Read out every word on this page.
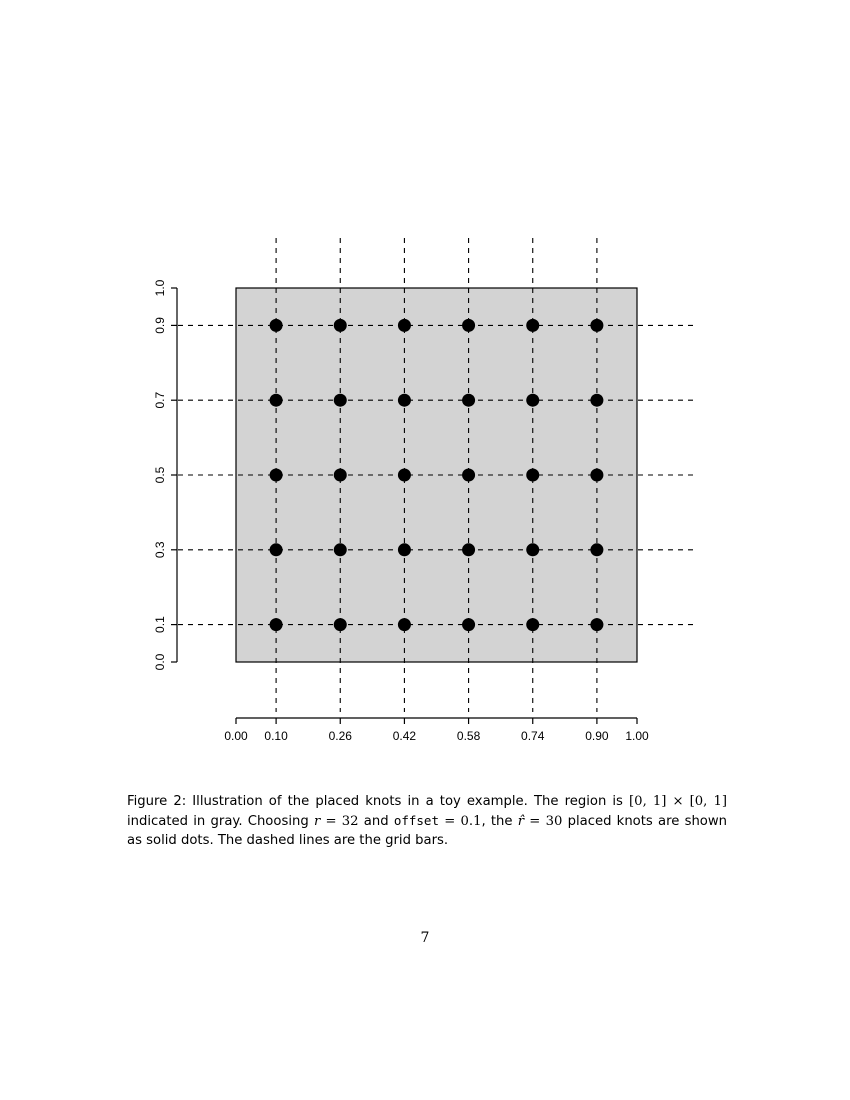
0.0
0.1
0.3
0.5
0.7
0.9
1.0
0.00 0.10	0.26	0.42	0.58	0.74	0.90 1.00
Figure 2: Illustration of the placed knots in a toy example. The region is [0, 1] × [0, 1] indicated in gray. Choosing r = 32 and offset = 0.1, the r̂ = 30 placed knots are shown as solid dots. The dashed lines are the grid bars.
7
